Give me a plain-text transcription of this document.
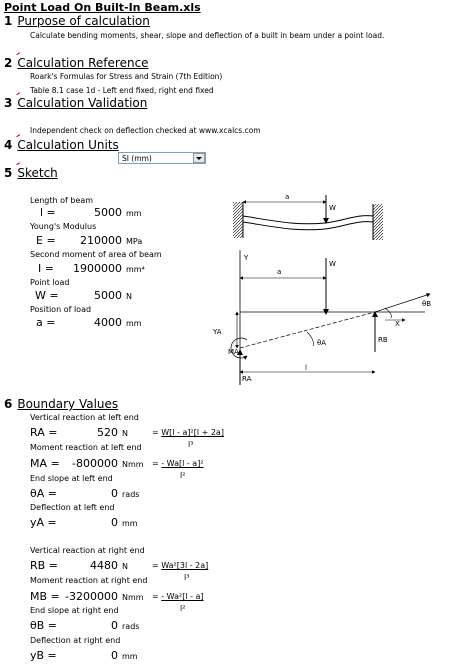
Point Load On Built-In Beam.xls
1 Purpose of calculation
Calculate bending moments, shear, slope and deflection of a built in beam under a point load.
2 Calculation Reference
Roark's Formulas for Stress and Strain (7th Edition)
Table 8.1 case 1d - Left end fixed, right end fixed
3 Calculation Validation
Independent check on deflection checked at www.xcalcs.com
4 Calculation Units
SI (mm)
5 Sketch
Length of beam
l =	5000 mm
Young's Modulus
E =	210000 MPa
Second moment of area of beam
I =	1900000 mm⁴
Point load
W =	5000 N
Position of load
a =	4000 mm
a
W
Y
a
W
θB
X
RB
YA
θA
MA
RA
l
6 Boundary Values
Vertical reaction at left end
RA =	520 N	= W[l - a]²[l + 2a]
l³
Moment reaction at left end
MA =	-800000 Nmm = - Wa[l - a]²
l²
End slope at left end
θA =	0 rads
Deflection at left end
yA =	0 mm
Vertical reaction at right end
RB =	4480 N	= Wa²[3l - 2a]
l³
Moment reaction at right end
MB = -3200000 Nmm = - Wa²[l - a]
l²
End slope at right end
θB =	0 rads
Deflection at right end
yB =	0 mm
